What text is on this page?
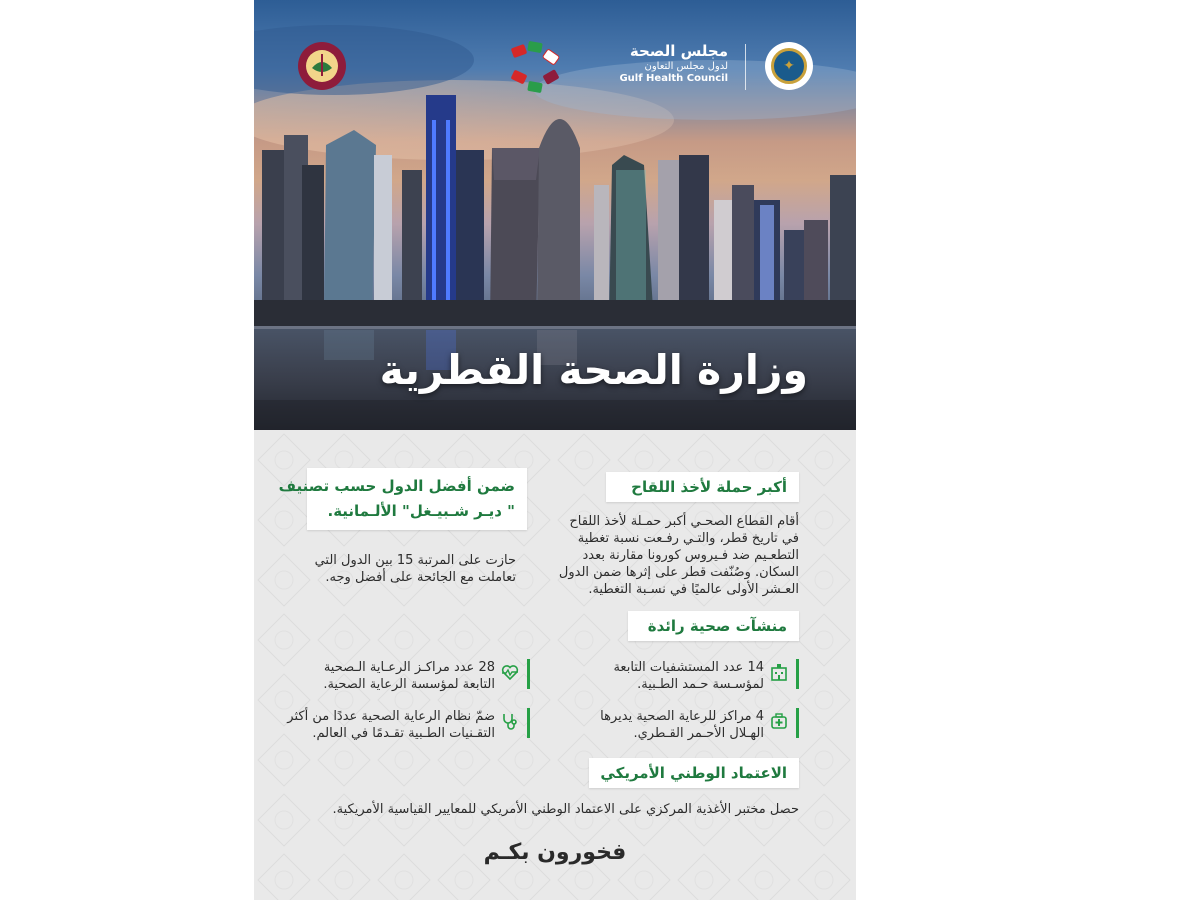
مجلس الصحة
لدول مجلس التعاون
Gulf Health Council
✦
وزارة الصحة القطرية
أكبر حملة لأخذ اللقاح
أقام القطاع الصحـي أكبر حمـلة لأخذ اللقاح
في تاريخ قطر، والتـي رفـعت نسبة تغطية
التطعـيم ضد فـيروس كورونا مقارنة بعدد
السكان. وصُنّفت قطر على إثرها ضمن الدول
العـشر الأولى عالميًا في نسـبة التغطية.
ضمن أفضل الدول حسب تصنيف
" ديـر شـبيـغل" الألـمانية.
حازت على المرتبة 15 بين الدول التي
تعاملت مع الجائحة على أفضل وجه.
منشآت صحية رائدة
14 عدد المستشفيات التابعة
لمؤسـسة حـمد الطـبية.
4 مراكز للرعاية الصحية يديرها
الهـلال الأحـمر القـطري.
28 عدد مراكـز الرعـاية الـصحية
التابعة لمؤسسة الرعاية الصحية.
ضمّ نظام الرعاية الصحية عددًا من أكثر
التقـنيات الطـبية تقـدمًا في العالم.
الاعتماد الوطني الأمريكي
حصل مختبر الأغذية المركزي على الاعتماد الوطني الأمريكي للمعايير القياسية الأمريكية.
فخورون بكـم
